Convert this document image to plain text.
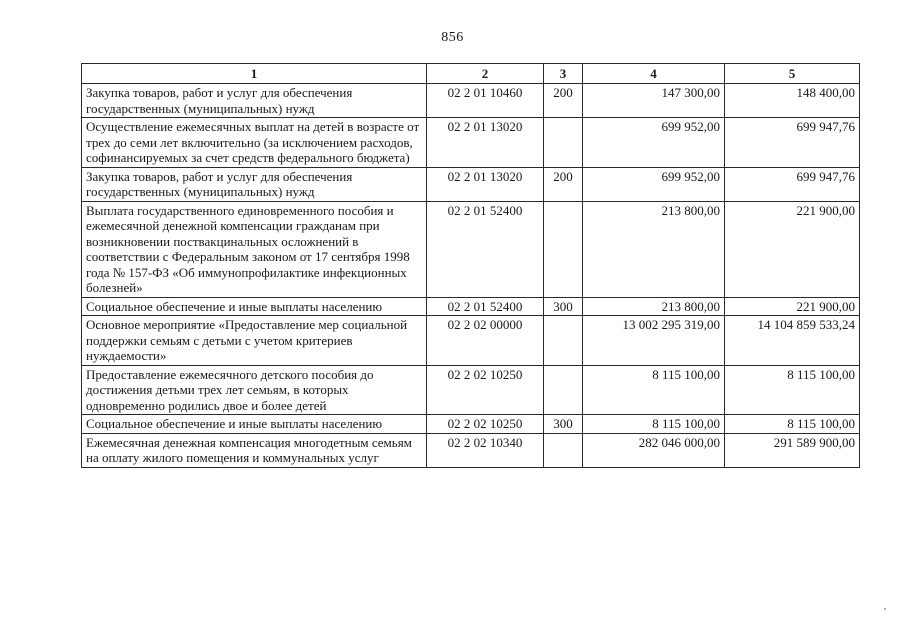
856
1	2	3	4	5
Закупка товаров, работ и услуг для обеспечения государственных (муниципальных) нужд	02 2 01 10460	200	147 300,00	148 400,00
Осуществление ежемесячных выплат на детей в возрасте от трех до семи лет включительно (за исключением расходов, софинансируемых за счет средств федерального бюджета)	02 2 01 13020		699 952,00	699 947,76
Закупка товаров, работ и услуг для обеспечения государственных (муниципальных) нужд	02 2 01 13020	200	699 952,00	699 947,76
Выплата государственного единовременного пособия и ежемесячной денежной компенсации гражданам при возникновении поствакцинальных осложнений в соответствии с Федеральным законом от 17 сентября 1998 года № 157-ФЗ «Об иммунопрофилактике инфекционных болезней»	02 2 01 52400		213 800,00	221 900,00
Социальное обеспечение и иные выплаты населению	02 2 01 52400	300	213 800,00	221 900,00
Основное мероприятие «Предоставление мер социальной поддержки семьям с детьми с учетом критериев нуждаемости»	02 2 02 00000		13 002 295 319,00	14 104 859 533,24
Предоставление ежемесячного детского пособия до достижения детьми трех лет семьям, в которых одновременно родились двое и более детей	02 2 02 10250		8 115 100,00	8 115 100,00
Социальное обеспечение и иные выплаты населению	02 2 02 10250	300	8 115 100,00	8 115 100,00
Ежемесячная денежная компенсация многодетным семьям на оплату жилого помещения и коммунальных услуг	02 2 02 10340		282 046 000,00	291 589 900,00
